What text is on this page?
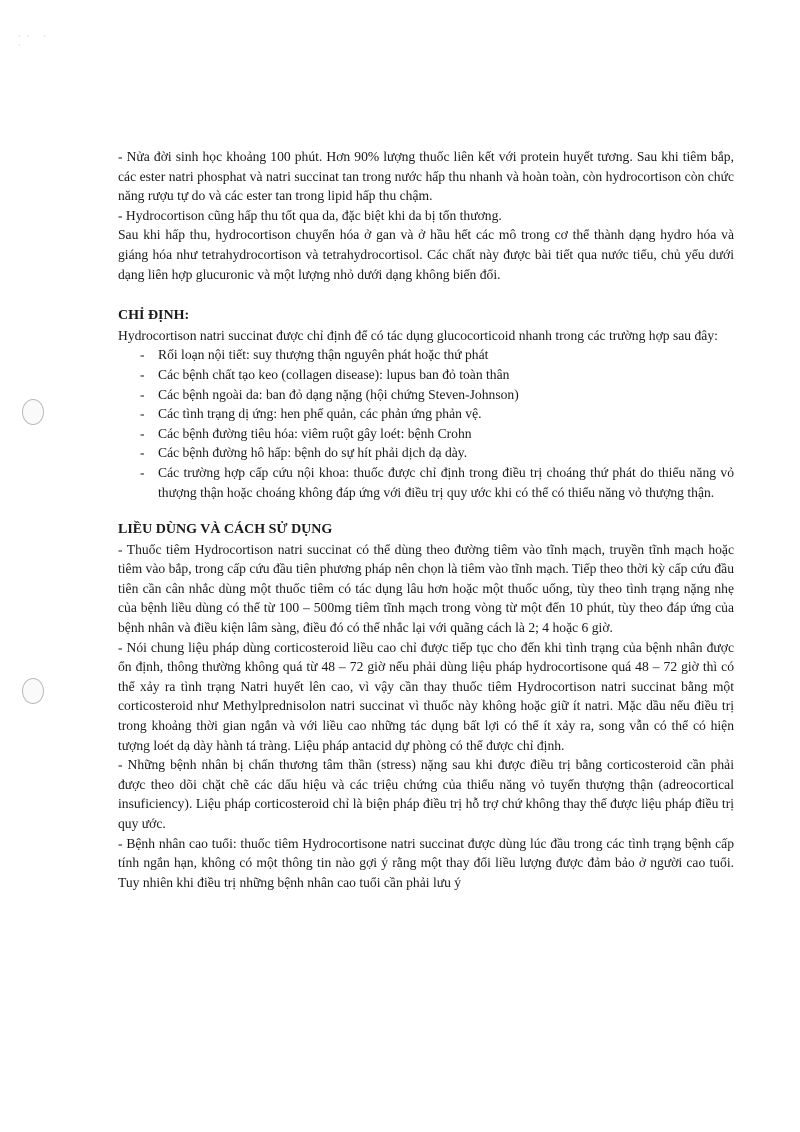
·· · ·

- Nửa đời sinh học khoảng 100 phút. Hơn 90% lượng thuốc liên kết với protein huyết tương. Sau khi tiêm bắp, các ester natri phosphat và natri succinat tan trong nước hấp thu nhanh và hoàn toàn, còn hydrocortison còn chức năng rượu tự do và các ester tan trong lipid hấp thu chậm.

- Hydrocortison cũng hấp thu tốt qua da, đặc biệt khi da bị tổn thương.

Sau khi hấp thu, hydrocortison chuyển hóa ở gan và ở hầu hết các mô trong cơ thể thành dạng hydro hóa và giáng hóa như tetrahydrocortison và tetrahydrocortisol. Các chất này được bài tiết qua nước tiểu, chủ yếu dưới dạng liên hợp glucuronic và một lượng nhỏ dưới dạng không biến đổi.

CHỈ ĐỊNH:

Hydrocortison natri succinat được chỉ định để có tác dụng glucocorticoid nhanh trong các trường hợp sau đây:

- Rối loạn nội tiết: suy thượng thận nguyên phát hoặc thứ phát
- Các bệnh chất tạo keo (collagen disease): lupus ban đỏ toàn thân
- Các bệnh ngoài da: ban đỏ dạng nặng (hội chứng Steven-Johnson)
- Các tình trạng dị ứng: hen phế quản, các phản ứng phản vệ.
- Các bệnh đường tiêu hóa: viêm ruột gây loét: bệnh Crohn
- Các bệnh đường hô hấp: bệnh do sự hít phải dịch dạ dày.
- Các trường hợp cấp cứu nội khoa: thuốc được chỉ định trong điều trị choáng thứ phát do thiểu năng vỏ thượng thận hoặc choáng không đáp ứng với điều trị quy ước khi có thể có thiểu năng vỏ thượng thận.
LIỀU DÙNG VÀ CÁCH SỬ DỤNG

- Thuốc tiêm Hydrocortison natri succinat có thể dùng theo đường tiêm vào tĩnh mạch, truyền tĩnh mạch hoặc tiêm vào bắp, trong cấp cứu đầu tiên phương pháp nên chọn là tiêm vào tĩnh mạch. Tiếp theo thời kỳ cấp cứu đầu tiên cần cân nhắc dùng một thuốc tiêm có tác dụng lâu hơn hoặc một thuốc uống, tùy theo tình trạng nặng nhẹ của bệnh liều dùng có thể từ 100 – 500mg tiêm tĩnh mạch trong vòng từ một đến 10 phút, tùy theo đáp ứng của bệnh nhân và điều kiện lâm sàng, điều đó có thể nhắc lại với quãng cách là 2; 4 hoặc 6 giờ.

- Nói chung liệu pháp dùng corticosteroid liều cao chỉ được tiếp tục cho đến khi tình trạng của bệnh nhân được ổn định, thông thường không quá từ 48 – 72 giờ nếu phải dùng liệu pháp hydrocortisone quá 48 – 72 giờ thì có thể xảy ra tình trạng Natri huyết lên cao, vì vậy cần thay thuốc tiêm Hydrocortison natri succinat bằng một corticosteroid như Methylprednisolon natri succinat vì thuốc này không hoặc giữ ít natri. Mặc dầu nếu điều trị trong khoảng thời gian ngắn và với liều cao những tác dụng bất lợi có thể ít xảy ra, song vẫn có thể có hiện tượng loét dạ dày hành tá tràng. Liệu pháp antacid dự phòng có thể được chỉ định.

- Những bệnh nhân bị chấn thương tâm thần (stress) nặng sau khi được điều trị bằng corticosteroid cần phải được theo dõi chặt chẽ các dấu hiệu và các triệu chứng của thiểu năng vỏ tuyến thượng thận (adreocortical insuficiency). Liệu pháp corticosteroid chỉ là biện pháp điều trị hỗ trợ chứ không thay thế được liệu pháp điều trị quy ước.

- Bệnh nhân cao tuổi: thuốc tiêm Hydrocortisone natri succinat được dùng lúc đầu trong các tình trạng bệnh cấp tính ngắn hạn, không có một thông tin nào gợi ý rằng một thay đổi liều lượng được đảm bảo ở người cao tuổi. Tuy nhiên khi điều trị những bệnh nhân cao tuổi cần phải lưu ý
